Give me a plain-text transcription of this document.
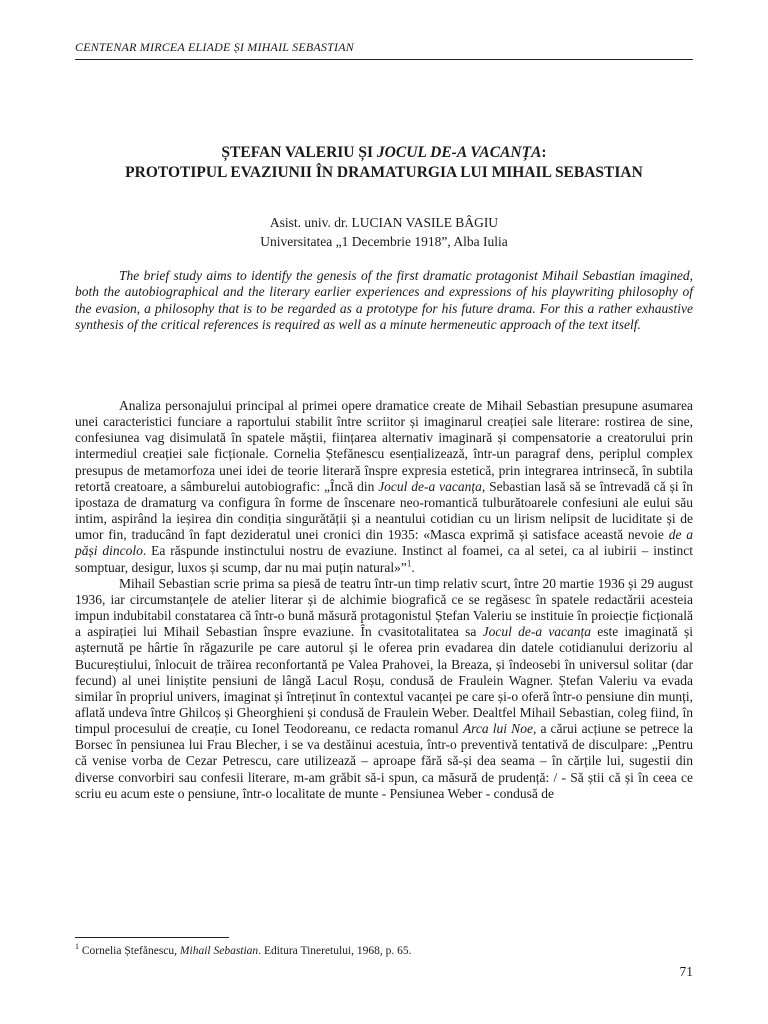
CENTENAR MIRCEA ELIADE ȘI MIHAIL SEBASTIAN
ȘTEFAN VALERIU ȘI JOCUL DE-A VACANȚA:
PROTOTIPUL EVAZIUNII ÎN DRAMATURGIA LUI MIHAIL SEBASTIAN
Asist. univ. dr. LUCIAN VASILE BÂGIU
Universitatea „1 Decembrie 1918”, Alba Iulia
The brief study aims to identify the genesis of the first dramatic protagonist Mihail Sebastian imagined, both the autobiographical and the literary earlier experiences and expressions of his playwriting philosophy of the evasion, a philosophy that is to be regarded as a prototype for his future drama. For this a rather exhaustive synthesis of the critical references is required as well as a minute hermeneutic approach of the text itself.

Analiza personajului principal al primei opere dramatice create de Mihail Sebastian presupune asumarea unei caracteristici funciare a raportului stabilit între scriitor și imaginarul creației sale literare: rostirea de sine, confesiunea vag disimulată în spatele măștii, ființarea alternativ imaginară și compensatorie a creatorului prin intermediul creației sale ficționale. Cornelia Ștefănescu esențializează, într-un paragraf dens, periplul complex presupus de metamorfoza unei idei de teorie literară înspre expresia estetică, prin integrarea intrinsecă, în subtila retortă creatoare, a sâmburelui autobiografic: „Încă din Jocul de-a vacanța, Sebastian lasă să se întrevadă că și în ipostaza de dramaturg va configura în forme de înscenare neo-romantică tulburătoarele confesiuni ale eului său intim, aspirând la ieșirea din condiția singurătății și a neantului cotidian cu un lirism nelipsit de luciditate și de umor fin, traducând în fapt dezideratul unei cronici din 1935: «Masca exprimă și satisface această nevoie de a păși dincolo. Ea răspunde instinctului nostru de evaziune. Instinct al foamei, ca al setei, ca al iubirii – instinct somptuar, desigur, luxos și scump, dar nu mai puțin natural»”$^1$.

Mihail Sebastian scrie prima sa piesă de teatru într-un timp relativ scurt, între 20 martie 1936 și 29 august 1936, iar circumstanțele de atelier literar și de alchimie biografică ce se regăsesc în spatele redactării acesteia impun indubitabil constatarea că într-o bună măsură protagonistul Ștefan Valeriu se instituie în proiecție ficțională a aspirației lui Mihail Sebastian înspre evaziune. În cvasitotalitatea sa Jocul de-a vacanța este imaginată și așternută pe hârtie în răgazurile pe care autorul și le oferea prin evadarea din datele cotidianului derizoriu al Bucureștiului, înlocuit de trăirea reconfortantă pe Valea Prahovei, la Breaza, și îndeosebi în universul solitar (dar fecund) al unei liniștite pensiuni de lângă Lacul Roșu, condusă de Fraulein Wagner. Ștefan Valeriu va evada similar în propriul univers, imaginat și întreținut în contextul vacanței pe care și-o oferă într-o pensiune din munți, aflată undeva între Ghilcoș și Gheorghieni și condusă de Fraulein Weber. Dealtfel Mihail Sebastian, coleg fiind, în timpul procesului de creație, cu Ionel Teodoreanu, ce redacta romanul Arca lui Noe, a cărui acțiune se petrece la Borsec în pensiunea lui Frau Blecher, i se va destăinui acestuia, într-o preventivă tentativă de disculpare: „Pentru că venise vorba de Cezar Petrescu, care utilizează – aproape fără să-și dea seama – în cărțile lui, sugestii din diverse convorbiri sau confesii literare, m-am grăbit să-i spun, ca măsură de prudență: / - Să știi că și în ceea ce scriu eu acum este o pensiune, într-o localitate de munte - Pensiunea Weber - condusă de

$^1$ Cornelia Ștefănescu, Mihail Sebastian. Editura Tineretului, 1968, p. 65.
71
